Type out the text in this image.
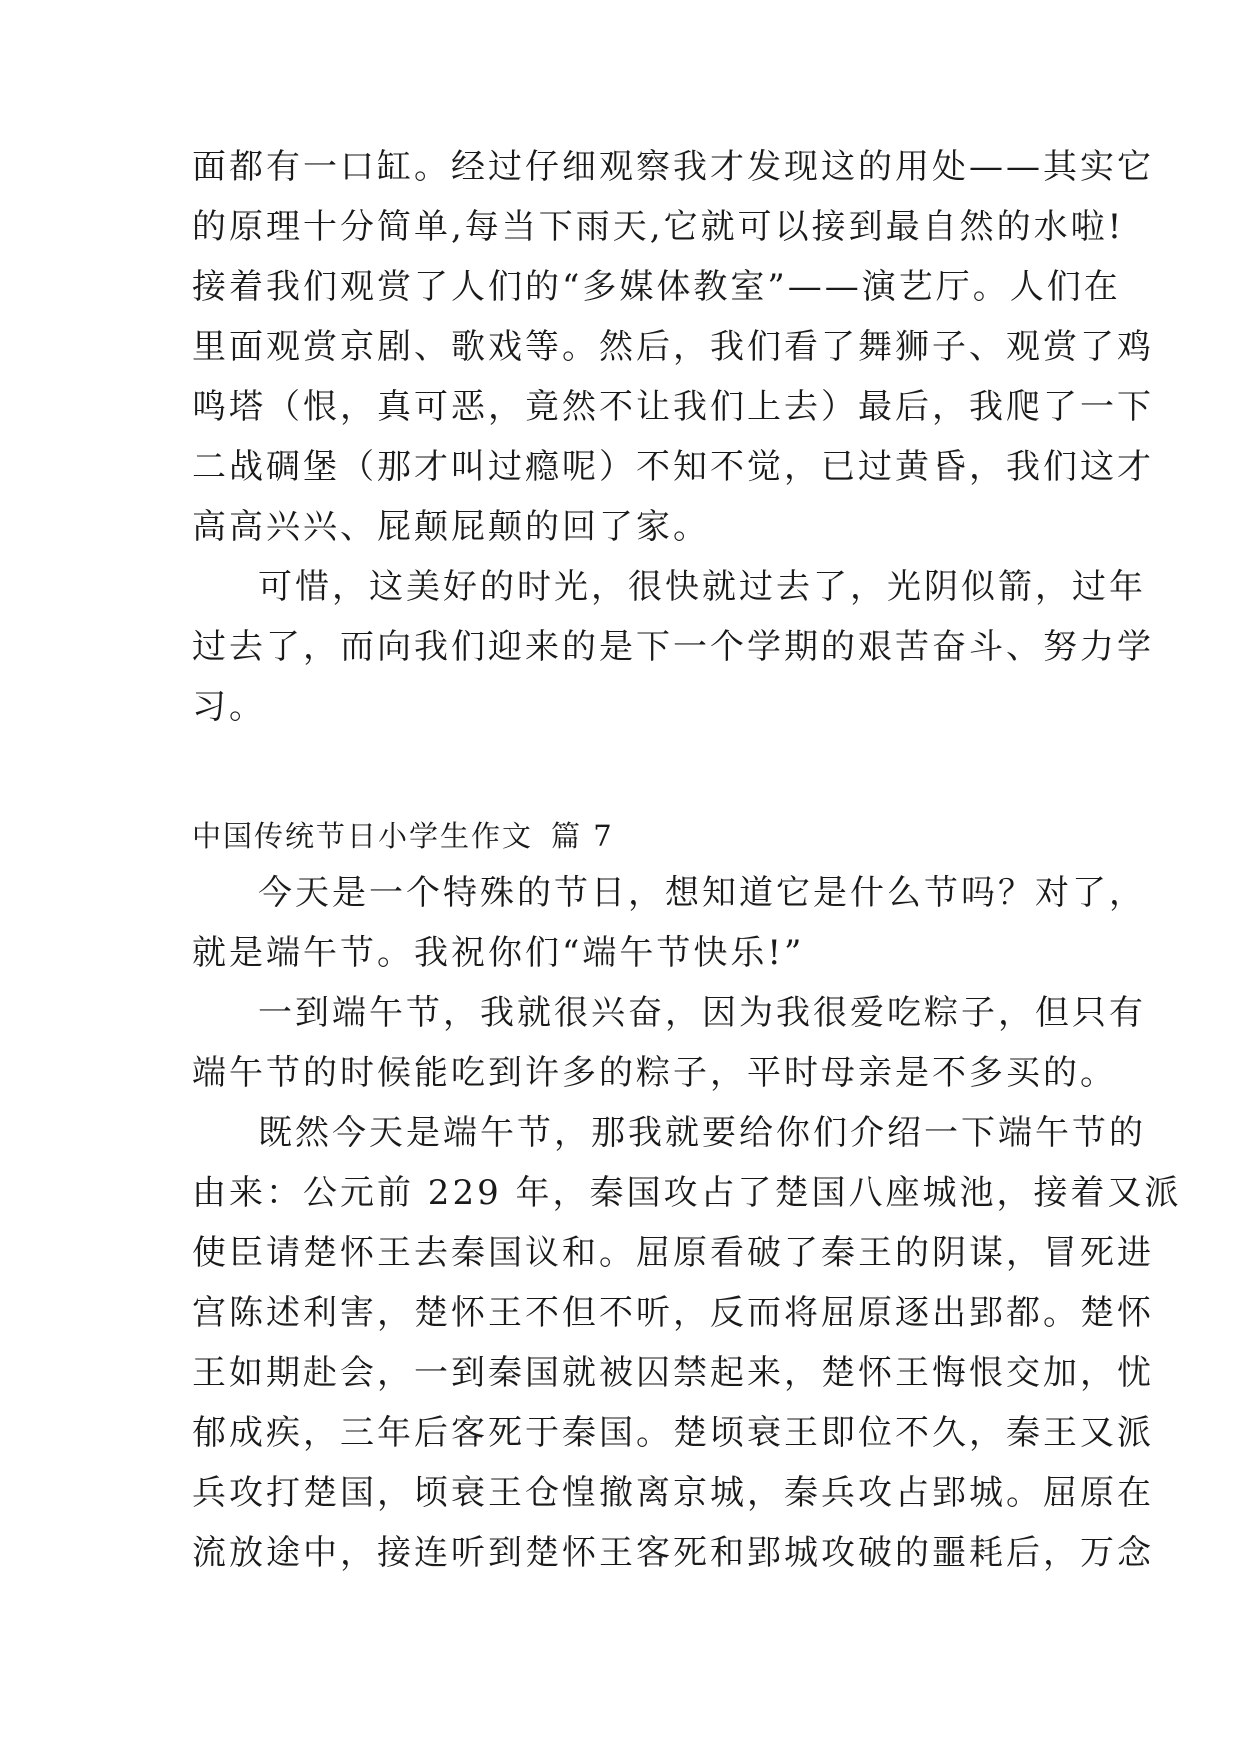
面都有一口缸。经过仔细观察我才发现这的用处——其实它
的原理十分简单,每当下雨天,它就可以接到最自然的水啦!
接着我们观赏了人们的“多媒体教室”——演艺厅。人们在
里面观赏京剧、歌戏等。然后，我们看了舞狮子、观赏了鸡
鸣塔（恨，真可恶，竟然不让我们上去）最后，我爬了一下
二战碉堡（那才叫过瘾呢）不知不觉，已过黄昏，我们这才
高高兴兴、屁颠屁颠的回了家。
可惜，这美好的时光，很快就过去了，光阴似箭，过年
过去了，而向我们迎来的是下一个学期的艰苦奋斗、努力学
习。
中国传统节日小学生作文 篇 7
今天是一个特殊的节日，想知道它是什么节吗？对了，
就是端午节。我祝你们“端午节快乐!”
一到端午节，我就很兴奋，因为我很爱吃粽子，但只有
端午节的时候能吃到许多的粽子，平时母亲是不多买的。
既然今天是端午节，那我就要给你们介绍一下端午节的
由来：公元前 229 年，秦国攻占了楚国八座城池，接着又派
使臣请楚怀王去秦国议和。屈原看破了秦王的阴谋，冒死进
宫陈述利害，楚怀王不但不听，反而将屈原逐出郢都。楚怀
王如期赴会，一到秦国就被囚禁起来，楚怀王悔恨交加，忧
郁成疾，三年后客死于秦国。楚顷衰王即位不久，秦王又派
兵攻打楚国，顷衰王仓惶撤离京城，秦兵攻占郢城。屈原在
流放途中，接连听到楚怀王客死和郢城攻破的噩耗后，万念
